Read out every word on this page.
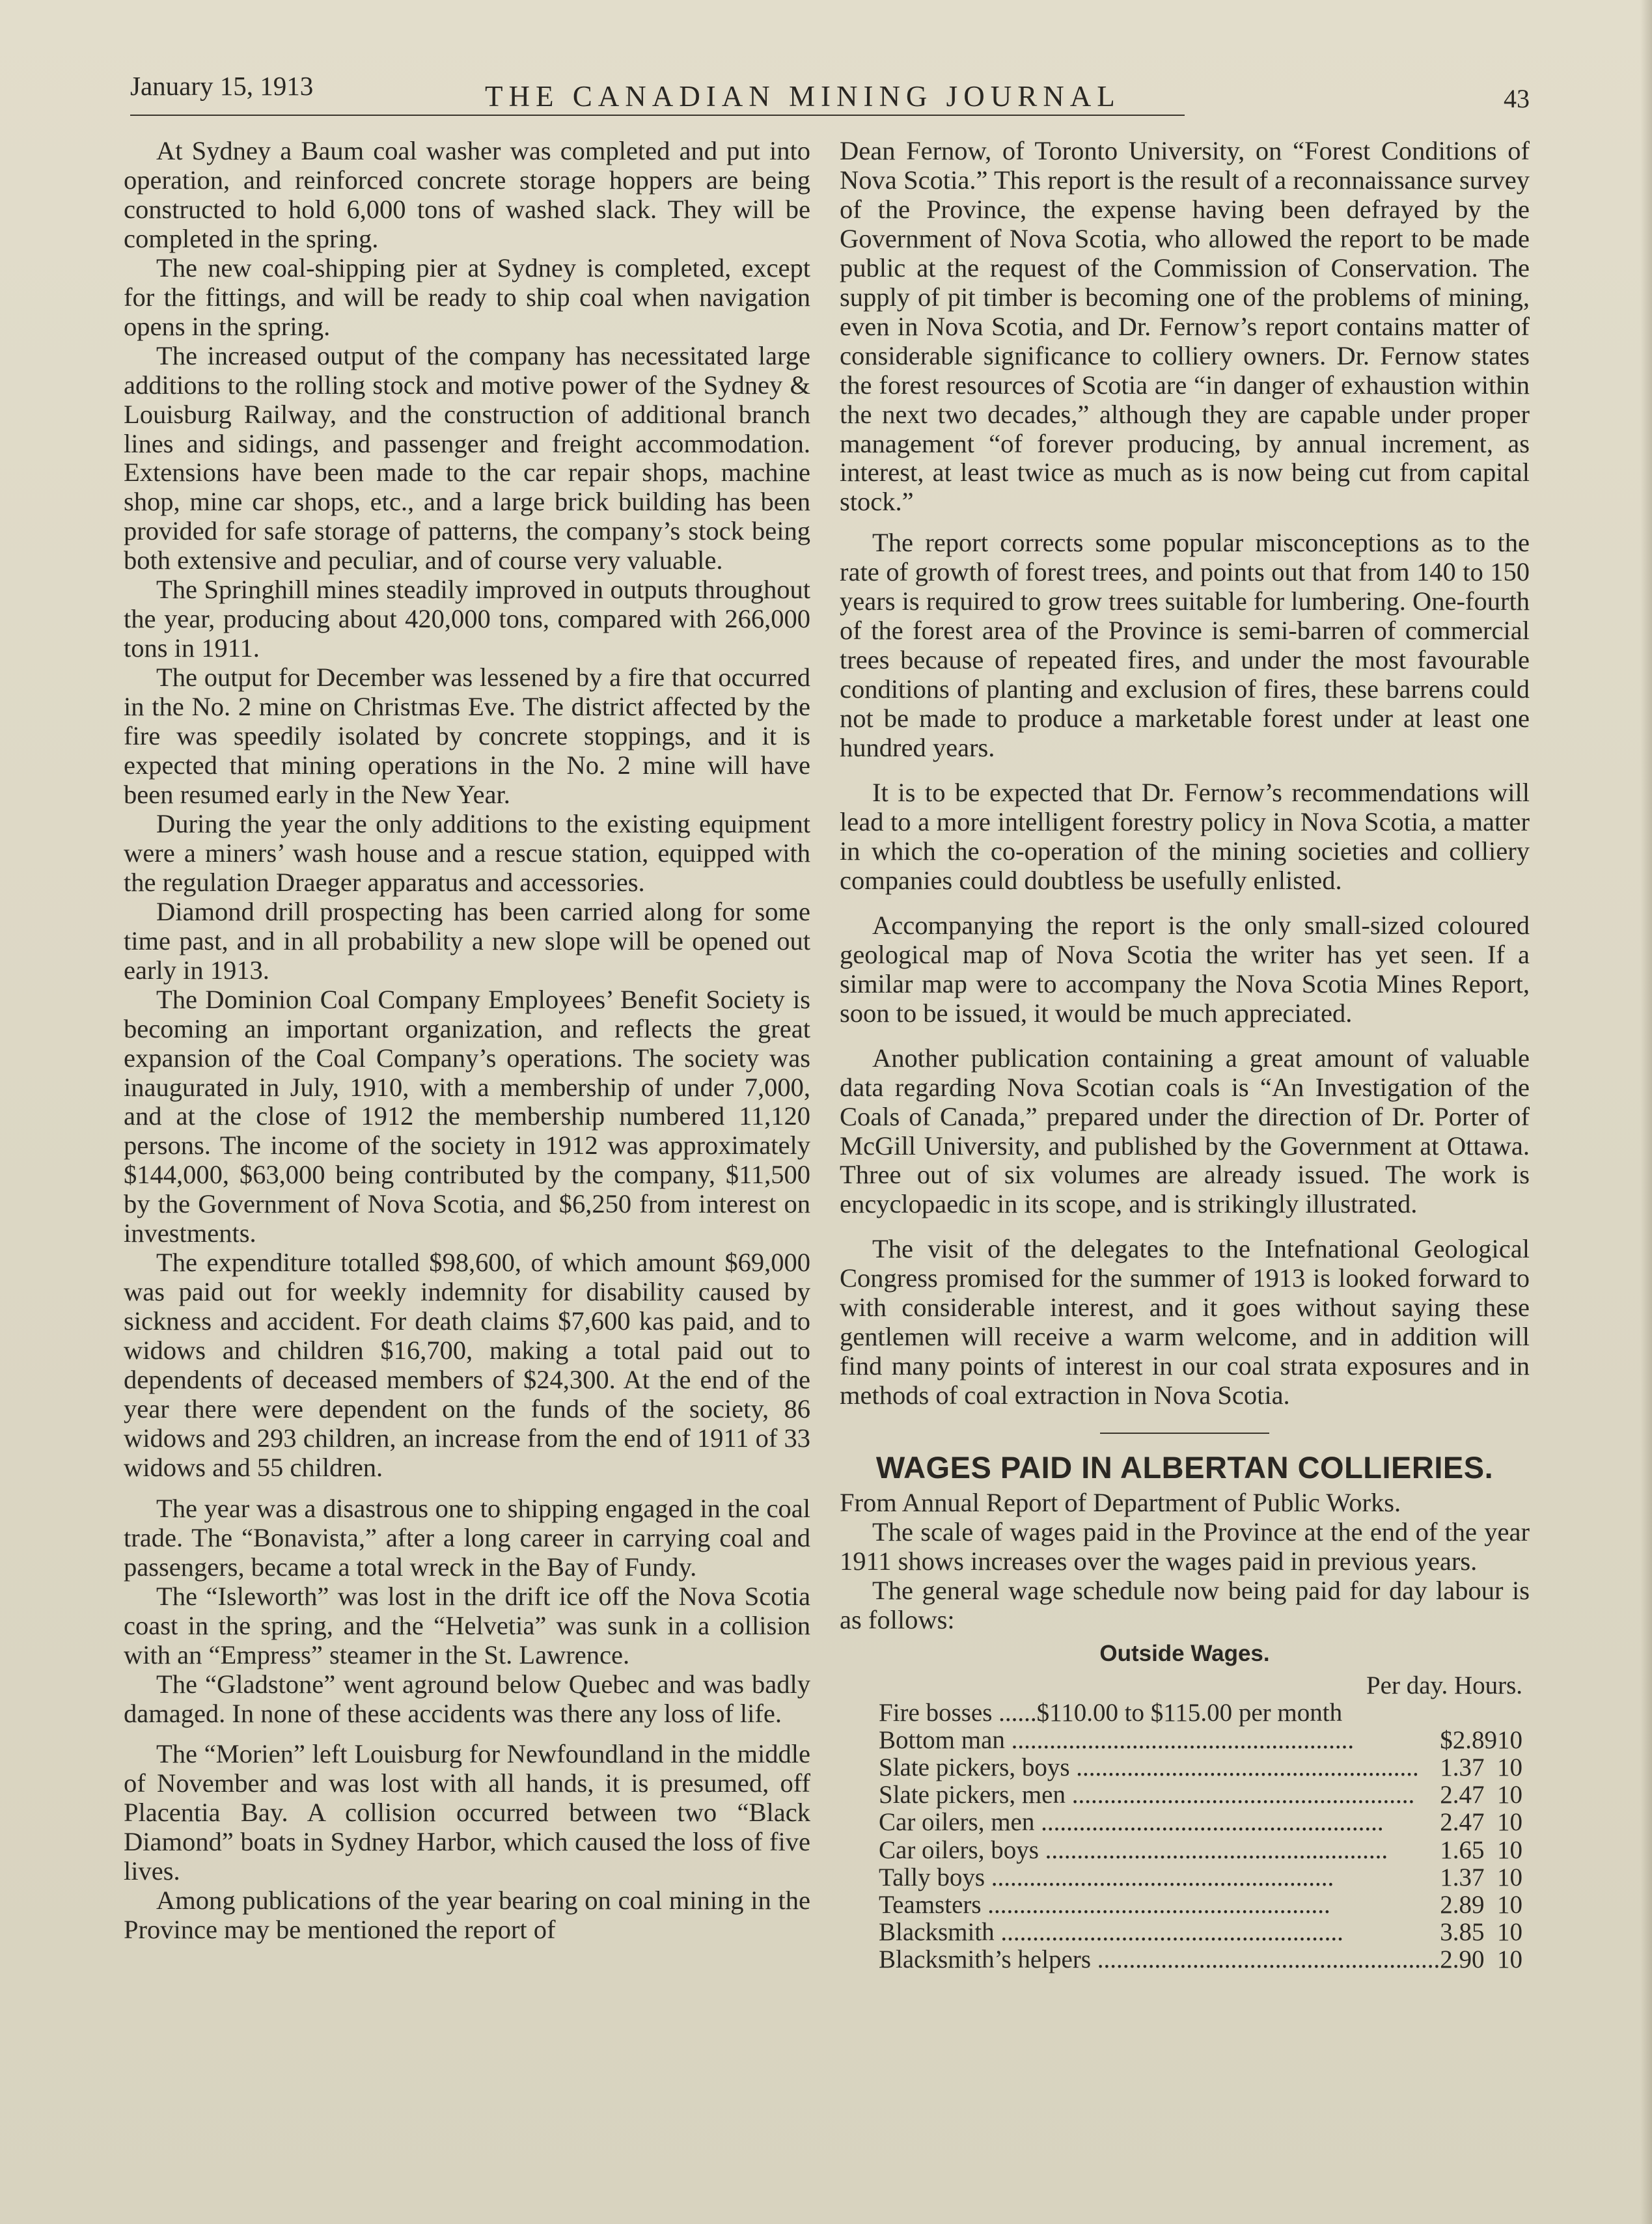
January 15, 1913	THE CANADIAN MINING JOURNAL	43

At Sydney a Baum coal washer was completed and put into operation, and reinforced concrete storage hoppers are being constructed to hold 6,000 tons of washed slack. They will be completed in the spring.

The new coal-shipping pier at Sydney is completed, except for the fittings, and will be ready to ship coal when navigation opens in the spring.

The increased output of the company has necessitated large additions to the rolling stock and motive power of the Sydney & Louisburg Railway, and the construction of additional branch lines and sidings, and passenger and freight accommodation. Extensions have been made to the car repair shops, machine shop, mine car shops, etc., and a large brick building has been provided for safe storage of patterns, the company’s stock being both extensive and peculiar, and of course very valuable.

The Springhill mines steadily improved in outputs throughout the year, producing about 420,000 tons, compared with 266,000 tons in 1911.

The output for December was lessened by a fire that occurred in the No. 2 mine on Christmas Eve. The district affected by the fire was speedily isolated by concrete stoppings, and it is expected that mining operations in the No. 2 mine will have been resumed early in the New Year.

During the year the only additions to the existing equipment were a miners’ wash house and a rescue station, equipped with the regulation Draeger apparatus and accessories.

Diamond drill prospecting has been carried along for some time past, and in all probability a new slope will be opened out early in 1913.

The Dominion Coal Company Employees’ Benefit Society is becoming an important organization, and reflects the great expansion of the Coal Company’s operations. The society was inaugurated in July, 1910, with a membership of under 7,000, and at the close of 1912 the membership numbered 11,120 persons. The income of the society in 1912 was approximately $144,000, $63,000 being contributed by the company, $11,500 by the Government of Nova Scotia, and $6,250 from interest on investments.

The expenditure totalled $98,600, of which amount $69,000 was paid out for weekly indemnity for disability caused by sickness and accident. For death claims $7,600 kas paid, and to widows and children $16,700, making a total paid out to dependents of deceased members of $24,300. At the end of the year there were dependent on the funds of the society, 86 widows and 293 children, an increase from the end of 1911 of 33 widows and 55 children.

The year was a disastrous one to shipping engaged in the coal trade. The “Bonavista,” after a long career in carrying coal and passengers, became a total wreck in the Bay of Fundy.

The “Isleworth” was lost in the drift ice off the Nova Scotia coast in the spring, and the “Helvetia” was sunk in a collision with an “Empress” steamer in the St. Lawrence.

The “Gladstone” went aground below Quebec and was badly damaged. In none of these accidents was there any loss of life.

The “Morien” left Louisburg for Newfoundland in the middle of November and was lost with all hands, it is presumed, off Placentia Bay. A collision occurred between two “Black Diamond” boats in Sydney Harbor, which caused the loss of five lives.

Among publications of the year bearing on coal mining in the Province may be mentioned the report of

Dean Fernow, of Toronto University, on “Forest Conditions of Nova Scotia.” This report is the result of a reconnaissance survey of the Province, the expense having been defrayed by the Government of Nova Scotia, who allowed the report to be made public at the request of the Commission of Conservation. The supply of pit timber is becoming one of the problems of mining, even in Nova Scotia, and Dr. Fernow’s report contains matter of considerable significance to colliery owners. Dr. Fernow states the forest resources of Scotia are “in danger of exhaustion within the next two decades,” although they are capable under proper management “of forever producing, by annual increment, as interest, at least twice as much as is now being cut from capital stock.”

The report corrects some popular misconceptions as to the rate of growth of forest trees, and points out that from 140 to 150 years is required to grow trees suitable for lumbering. One-fourth of the forest area of the Province is semi-barren of commercial trees because of repeated fires, and under the most favourable conditions of planting and exclusion of fires, these barrens could not be made to produce a marketable forest under at least one hundred years.

It is to be expected that Dr. Fernow’s recommendations will lead to a more intelligent forestry policy in Nova Scotia, a matter in which the co-operation of the mining societies and colliery companies could doubtless be usefully enlisted.

Accompanying the report is the only small-sized coloured geological map of Nova Scotia the writer has yet seen. If a similar map were to accompany the Nova Scotia Mines Report, soon to be issued, it would be much appreciated.

Another publication containing a great amount of valuable data regarding Nova Scotian coals is “An Investigation of the Coals of Canada,” prepared under the direction of Dr. Porter of McGill University, and published by the Government at Ottawa. Three out of six volumes are already issued. The work is encyclopaedic in its scope, and is strikingly illustrated.

The visit of the delegates to the Intefnational Geological Congress promised for the summer of 1913 is looked forward to with considerable interest, and it goes without saying these gentlemen will receive a warm welcome, and in addition will find many points of interest in our coal strata exposures and in methods of coal extraction in Nova Scotia.

WAGES PAID IN ALBERTAN COLLIERIES.

From Annual Report of Department of Public Works.

The scale of wages paid in the Province at the end of the year 1911 shows increases over the wages paid in previous years.

The general wage schedule now being paid for day labour is as follows:

Outside Wages.
Per day. Hours.		
Fire bosses ......$110.00 to $115.00 per month		
Bottom man .....	$2.89	10
Slate pickers, boys .....	1.37	10
Slate pickers, men .....	2.47	10
Car oilers, men .....	2.47	10
Car oilers, boys .....	1.65	10
Tally boys .....	1.37	10
Teamsters .....	2.89	10
Blacksmith .....	3.85	10
Blacksmith’s helpers .....	2.90	10
